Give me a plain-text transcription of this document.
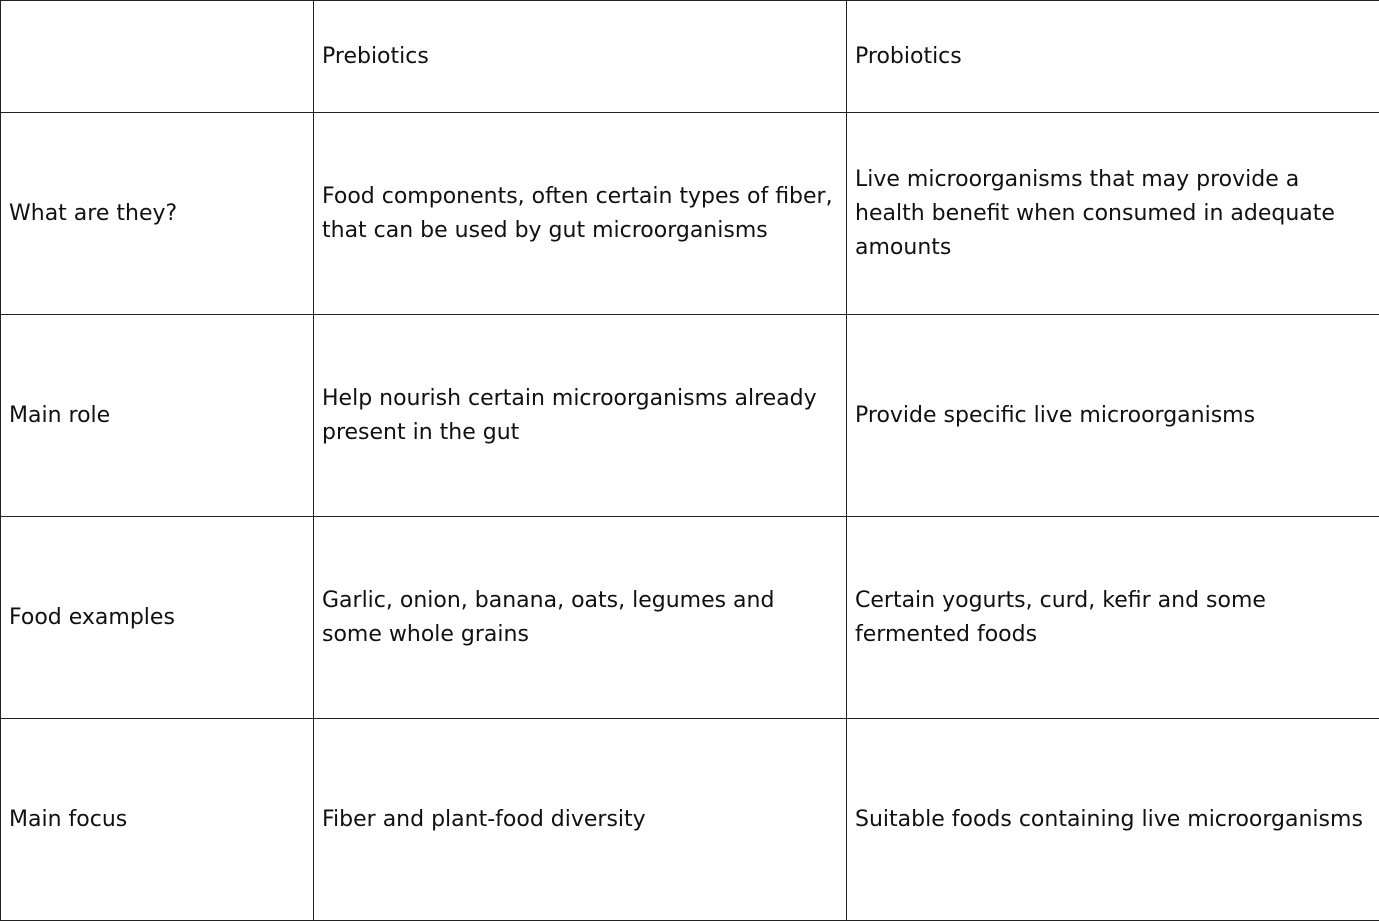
	Prebiotics	Probiotics
What are they?	Food components, often certain types of fiber, that can be used by gut microorganisms	Live microorganisms that may provide a health benefit when consumed in adequate amounts
Main role	Help nourish certain microorganisms already present in the gut	Provide specific live microorganisms
Food examples	Garlic, onion, banana, oats, legumes and some whole grains	Certain yogurts, curd, kefir and some fermented foods
Main focus	Fiber and plant-food diversity	Suitable foods containing live microorganisms
